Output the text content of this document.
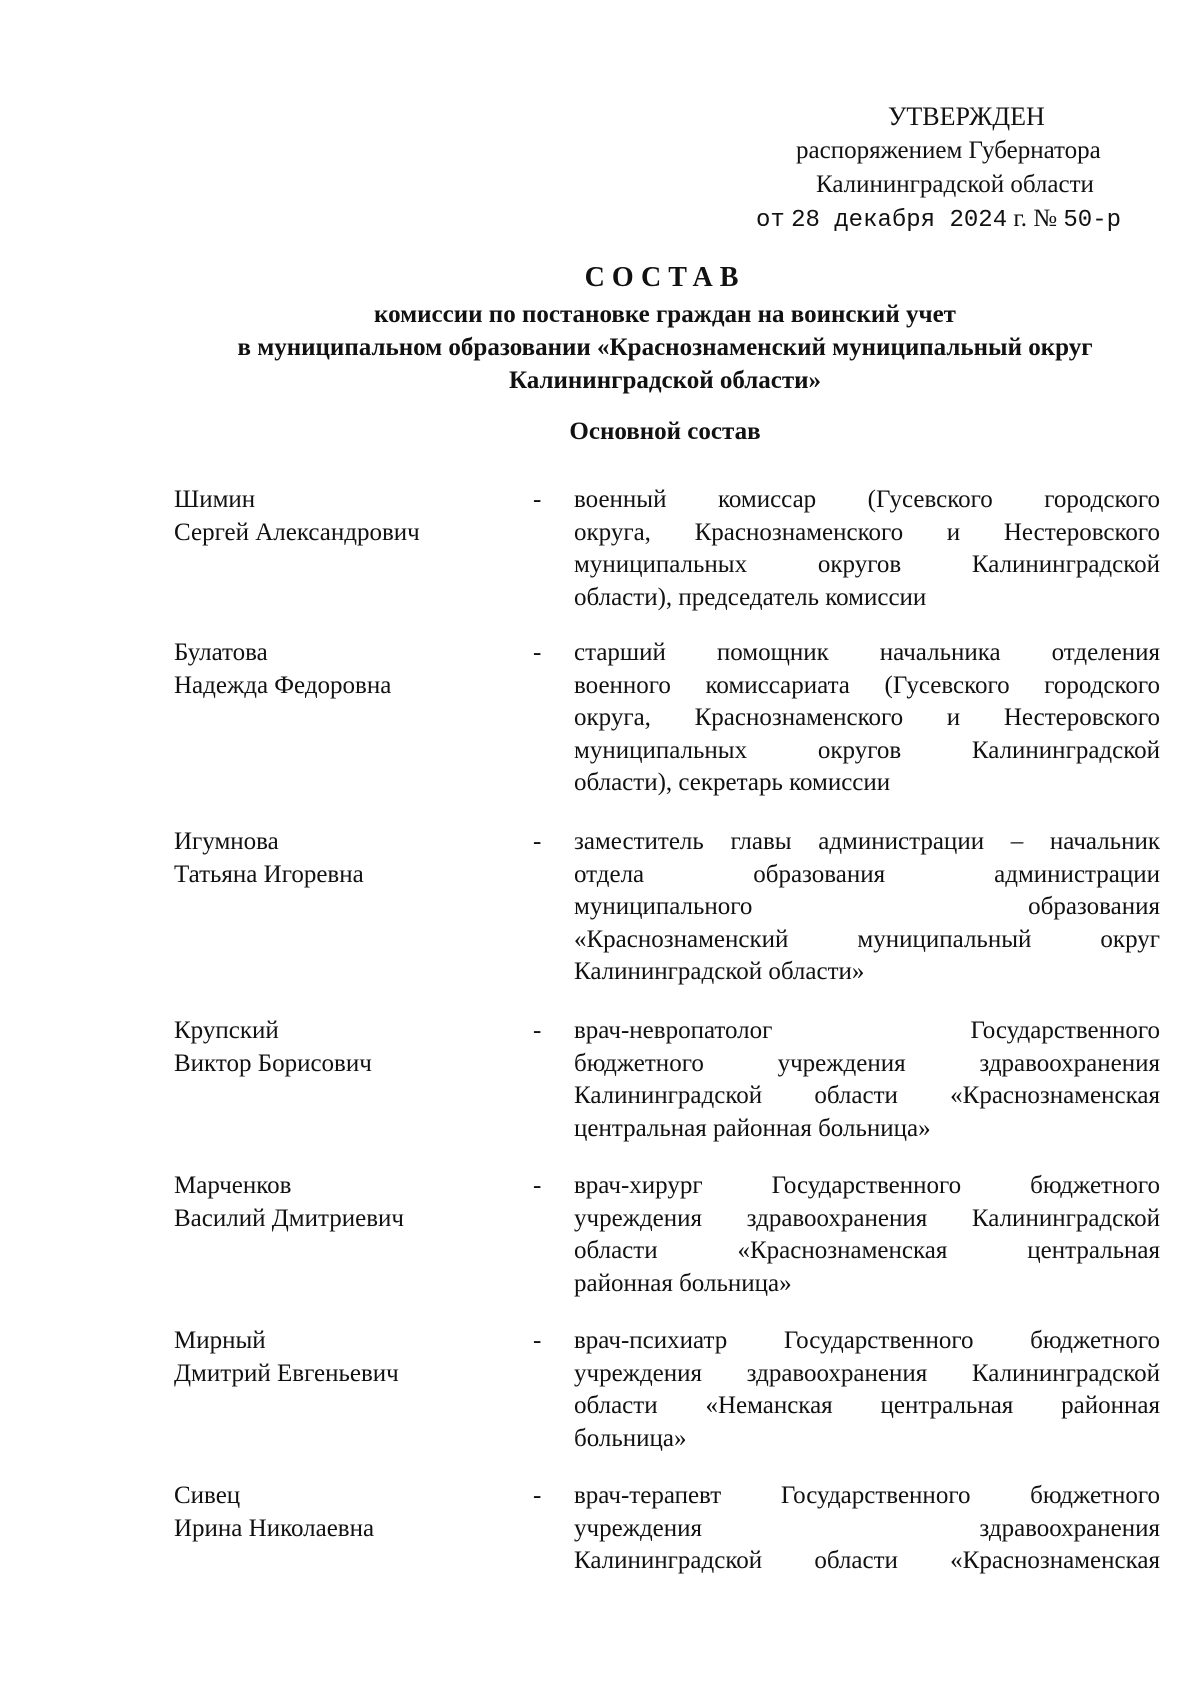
УТВЕРЖДЕН
распоряжением Губернатора
Калининградской области
от 28 декабря 2024 г. № 50-р
СОСТАВ
комиссии по постановке граждан на воинский учет
в муниципальном образовании «Краснознаменский муниципальный округ
Калининградской области»
Основной состав
Шимин
Сергей Александрович
- военный комиссар (Гусевского городского
округа, Краснознаменского и Нестеровского
муниципальных округов Калининградской
области), председатель комиссии
Булатова
Надежда Федоровна
- старший помощник начальника отделения
военного комиссариата (Гусевского городского
округа, Краснознаменского и Нестеровского
муниципальных округов Калининградской
области), секретарь комиссии
Игумнова
Татьяна Игоревна
- заместитель главы администрации – начальник
отдела образования администрации
муниципального образования
«Краснознаменский муниципальный округ
Калининградской области»
Крупский
Виктор Борисович
- врач-невропатолог Государственного
бюджетного учреждения здравоохранения
Калининградской области «Краснознаменская
центральная районная больница»
Марченков
Василий Дмитриевич
- врач-хирург Государственного бюджетного
учреждения здравоохранения Калининградской
области «Краснознаменская центральная
районная больница»
Мирный
Дмитрий Евгеньевич
- врач-психиатр Государственного бюджетного
учреждения здравоохранения Калининградской
области «Неманская центральная районная
больница»
Сивец
Ирина Николаевна
- врач-терапевт Государственного бюджетного
учреждения здравоохранения
Калининградской области «Краснознаменская
